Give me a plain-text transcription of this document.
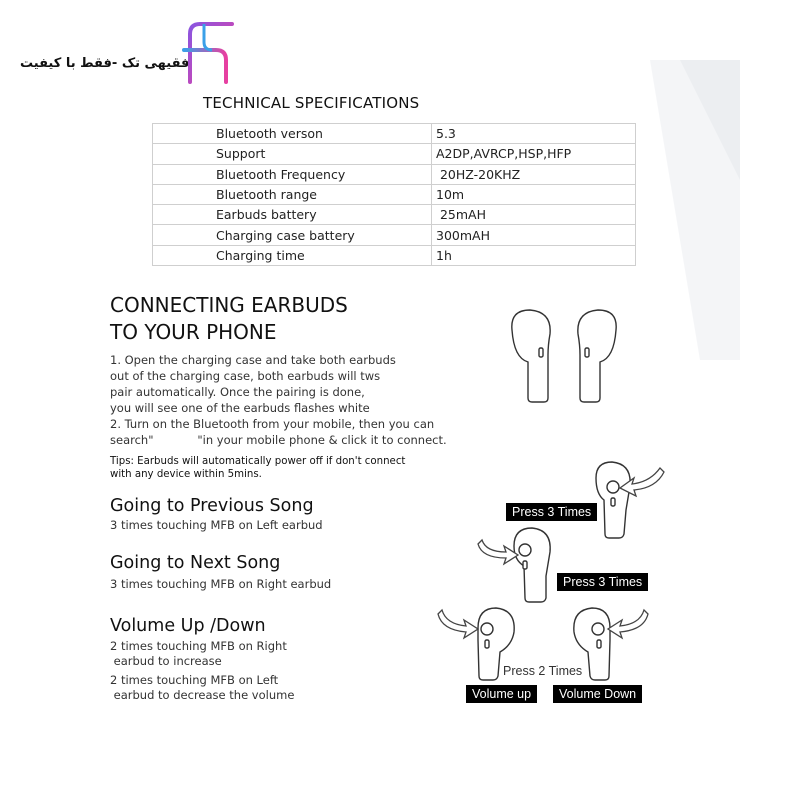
فقیهی تک -فقط با کیفیت
TECHNICAL SPECIFICATIONS
Bluetooth verson	5.3
Support	A2DP,AVRCP,HSP,HFP
Bluetooth Frequency	20HZ-20KHZ
Bluetooth range	10m
Earbuds battery	25mAH
Charging case battery	300mAH
Charging time	1h
CONNECTING EARBUDS
TO YOUR PHONE
1. Open the charging case and take both earbuds
out of the charging case, both earbuds will tws
pair automatically. Once the pairing is done,
you will see one of the earbuds flashes white
2. Turn on the Bluetooth from your mobile, then you can
search"            "in your mobile phone & click it to connect.
Tips: Earbuds will automatically power off if don't connect
with any device within 5mins.
Going to Previous Song
3 times touching MFB on Left earbud
Going to Next Song
3 times touching MFB on Right earbud
Volume Up /Down
2 times touching MFB on Right
earbud to increase
2 times touching MFB on Left
earbud to decrease the volume
Press 3 Times
Press 3 Times
Press 2 Times
Volume up	Volume Down
